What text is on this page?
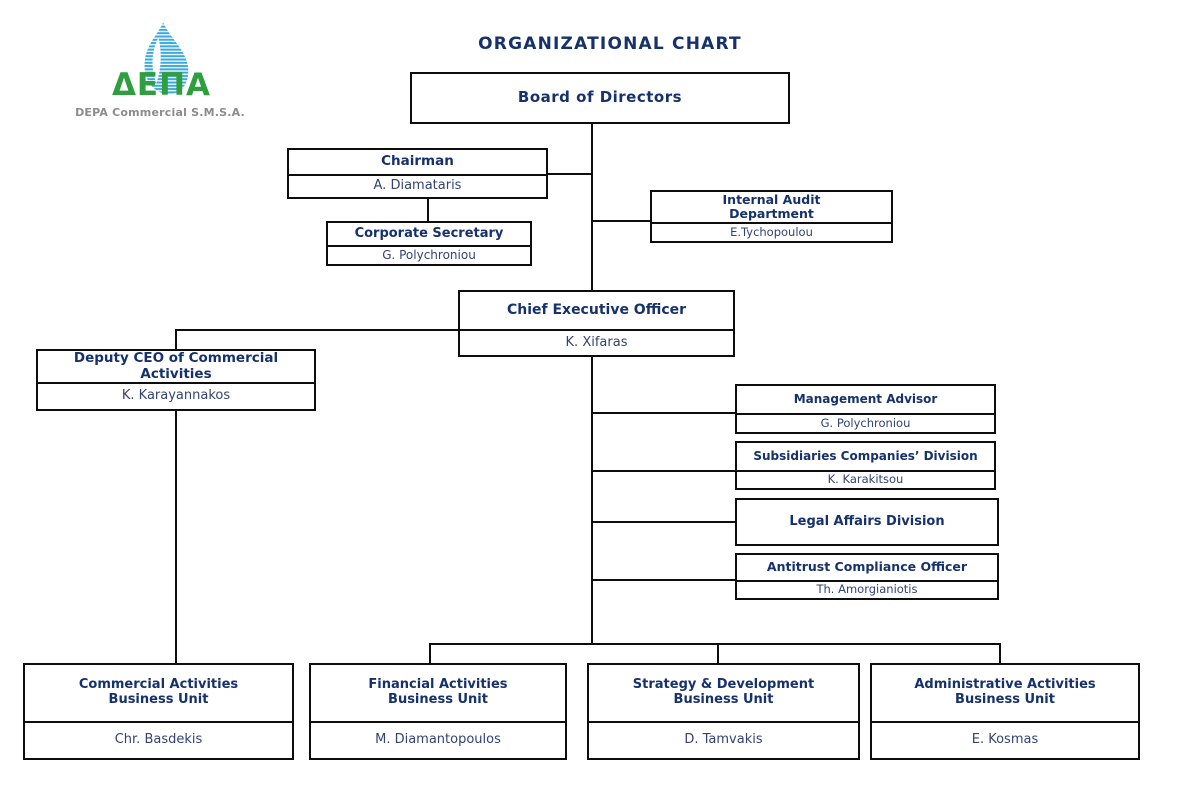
ΔΕΠΑ
DEPA Commercial S.M.S.A.
ORGANIZATIONAL CHART
Board of Directors
Chairman
A. Diamataris
Internal Audit
Department
E.Tychopoulou
Corporate Secretary
G. Polychroniou
Chief Executive Officer
K. Xifaras
Deputy CEO of Commercial Activities
K. Karayannakos	Management Advisor
G. Polychroniou
Subsidiaries Companies’ Division
K. Karakitsou
Legal Affairs Division
Antitrust Compliance Officer
Th. Amorgianiotis
Commercial Activities
Business Unit
Chr. Basdekis
Financial Activities
Business Unit
M. Diamantopoulos
Strategy & Development
Business Unit
D. Tamvakis
Administrative Activities
Business Unit
E. Kosmas
